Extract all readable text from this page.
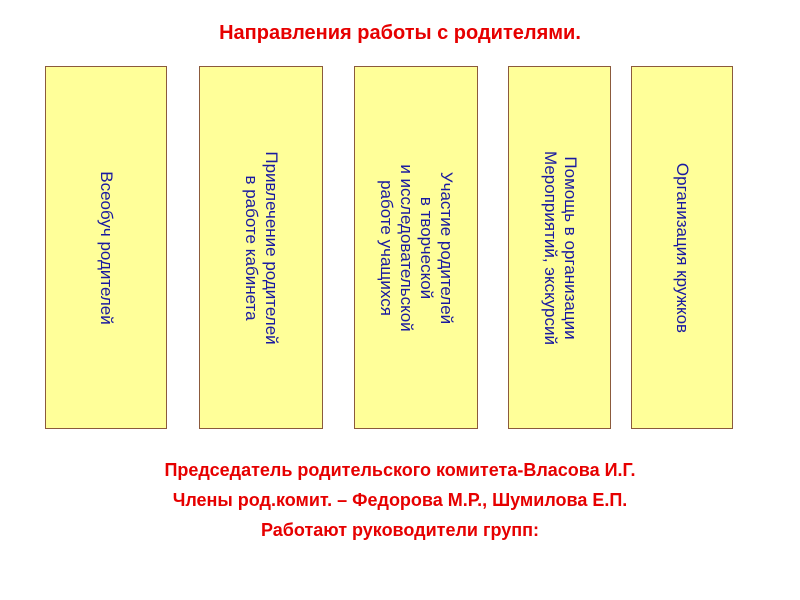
Направления работы с родителями.
Всеобуч родителей	Привлечение родителей
в работе кабинета
Участие родителей
в творческой
и исследовательской
работе учащихся
Помощь в организации
Мероприятий, экскурсий	Организация кружков
Председатель родительского комитета-Власова И.Г.
Члены род.комит. – Федорова М.Р., Шумилова Е.П.
Работают руководители групп:
